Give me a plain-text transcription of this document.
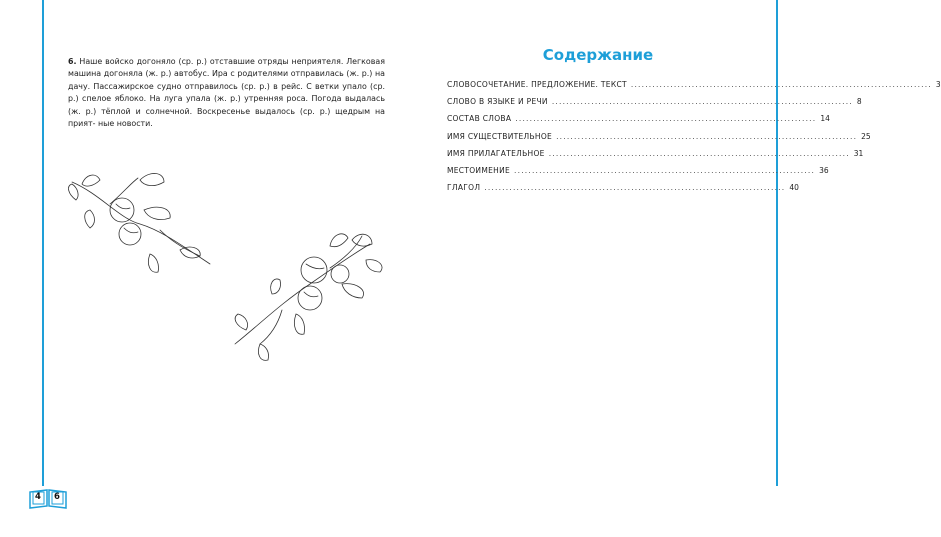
6. Наше войско догоняло (ср. р.) отставшие отряды неприятеля. Легковая машина догоняла (ж. р.) автобус. Ира с родителями отправилась (ж. р.) на дачу. Пассажирское судно отправилось (ср. р.) в рейс. С ветки упало (ср. р.) спелое яблоко. На луга упала (ж. р.) утренняя роса. Погода выдалась (ж. р.) тёплой и солнечной. Воскресенье выдалось (ср. р.) щедрым на прият- ные новости.

4 6
Содержание
СЛОВОСОЧЕТАНИЕ. ПРЕДЛОЖЕНИЕ. ТЕКСТ .................................................................................... 3
СЛОВО В ЯЗЫКЕ И РЕЧИ .................................................................................... 8
СОСТАВ СЛОВА .................................................................................... 14
ИМЯ СУЩЕСТВИТЕЛЬНОЕ .................................................................................... 25
ИМЯ ПРИЛАГАТЕЛЬНОЕ .................................................................................... 31
МЕСТОИМЕНИЕ .................................................................................... 36
ГЛАГОЛ .................................................................................... 40
